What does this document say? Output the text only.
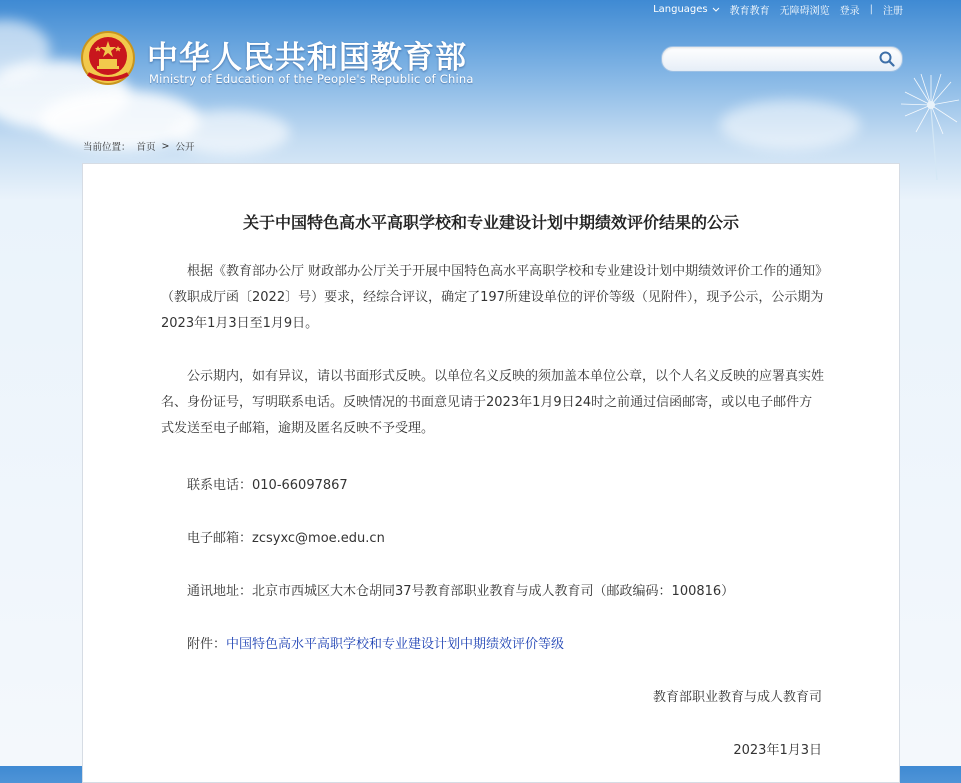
Languages 教育教育 无障碍浏览 登录 | 注册
中华人民共和国教育部
Ministry of Education of the People's Republic of China
当前位置： 首页 > 公开
关于中国特色高水平高职学校和专业建设计划中期绩效评价结果的公示

根据《教育部办公厅 财政部办公厅关于开展中国特色高水平高职学校和专业建设计划中期绩效评价工作的通知》（教职成厅函〔2022〕号）要求，经综合评议，确定了197所建设单位的评价等级（见附件），现予公示，公示期为2023年1月3日至1月9日。

公示期内，如有异议，请以书面形式反映。以单位名义反映的须加盖本单位公章，以个人名义反映的应署真实姓名、身份证号，写明联系电话。反映情况的书面意见请于2023年1月9日24时之前通过信函邮寄，或以电子邮件方式发送至电子邮箱，逾期及匿名反映不予受理。

联系电话：010-66097867
电子邮箱：zcsyxc@moe.edu.cn
通讯地址：北京市西城区大木仓胡同37号教育部职业教育与成人教育司（邮政编码：100816）
附件：中国特色高水平高职学校和专业建设计划中期绩效评价等级
教育部职业教育与成人教育司
2023年1月3日
